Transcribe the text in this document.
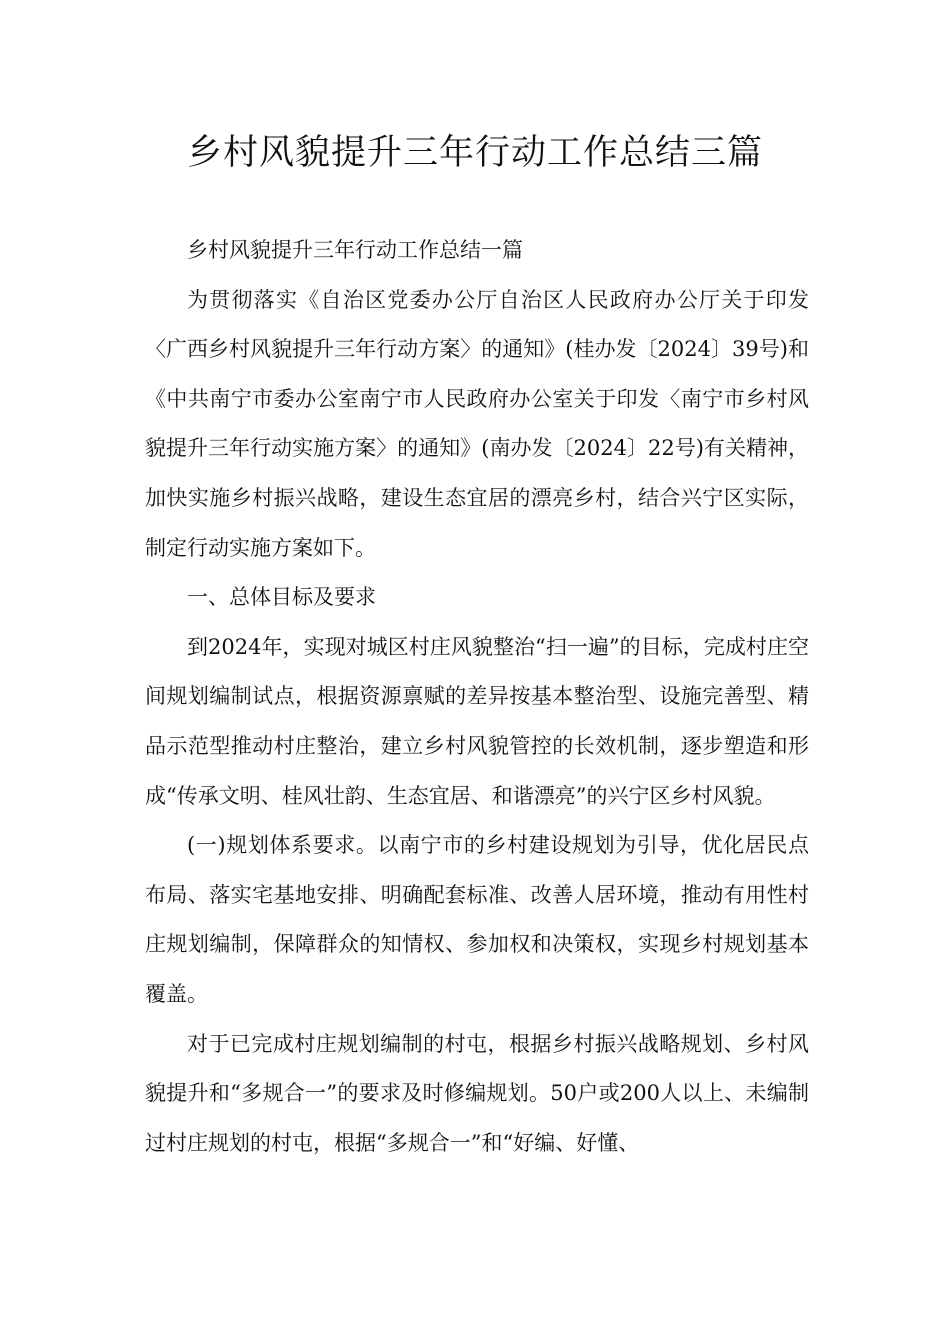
乡村风貌提升三年行动工作总结三篇

乡村风貌提升三年行动工作总结一篇

为贯彻落实《自治区党委办公厅自治区人民政府办公厅关于印发〈广西乡村风貌提升三年行动方案〉的通知》(桂办发〔2024〕39号)和《中共南宁市委办公室南宁市人民政府办公室关于印发〈南宁市乡村风貌提升三年行动实施方案〉的通知》(南办发〔2024〕22号)有关精神，加快实施乡村振兴战略，建设生态宜居的漂亮乡村，结合兴宁区实际，制定行动实施方案如下。

一、总体目标及要求

到2024年，实现对城区村庄风貌整治“扫一遍”的目标，完成村庄空间规划编制试点，根据资源禀赋的差异按基本整治型、设施完善型、精品示范型推动村庄整治，建立乡村风貌管控的长效机制，逐步塑造和形成“传承文明、桂风壮韵、生态宜居、和谐漂亮”的兴宁区乡村风貌。

(一)规划体系要求。以南宁市的乡村建设规划为引导，优化居民点布局、落实宅基地安排、明确配套标准、改善人居环境，推动有用性村庄规划编制，保障群众的知情权、参加权和决策权，实现乡村规划基本覆盖。

对于已完成村庄规划编制的村屯，根据乡村振兴战略规划、乡村风貌提升和“多规合一”的要求及时修编规划。50户或200人以上、未编制过村庄规划的村屯，根据“多规合一”和“好编、好懂、
